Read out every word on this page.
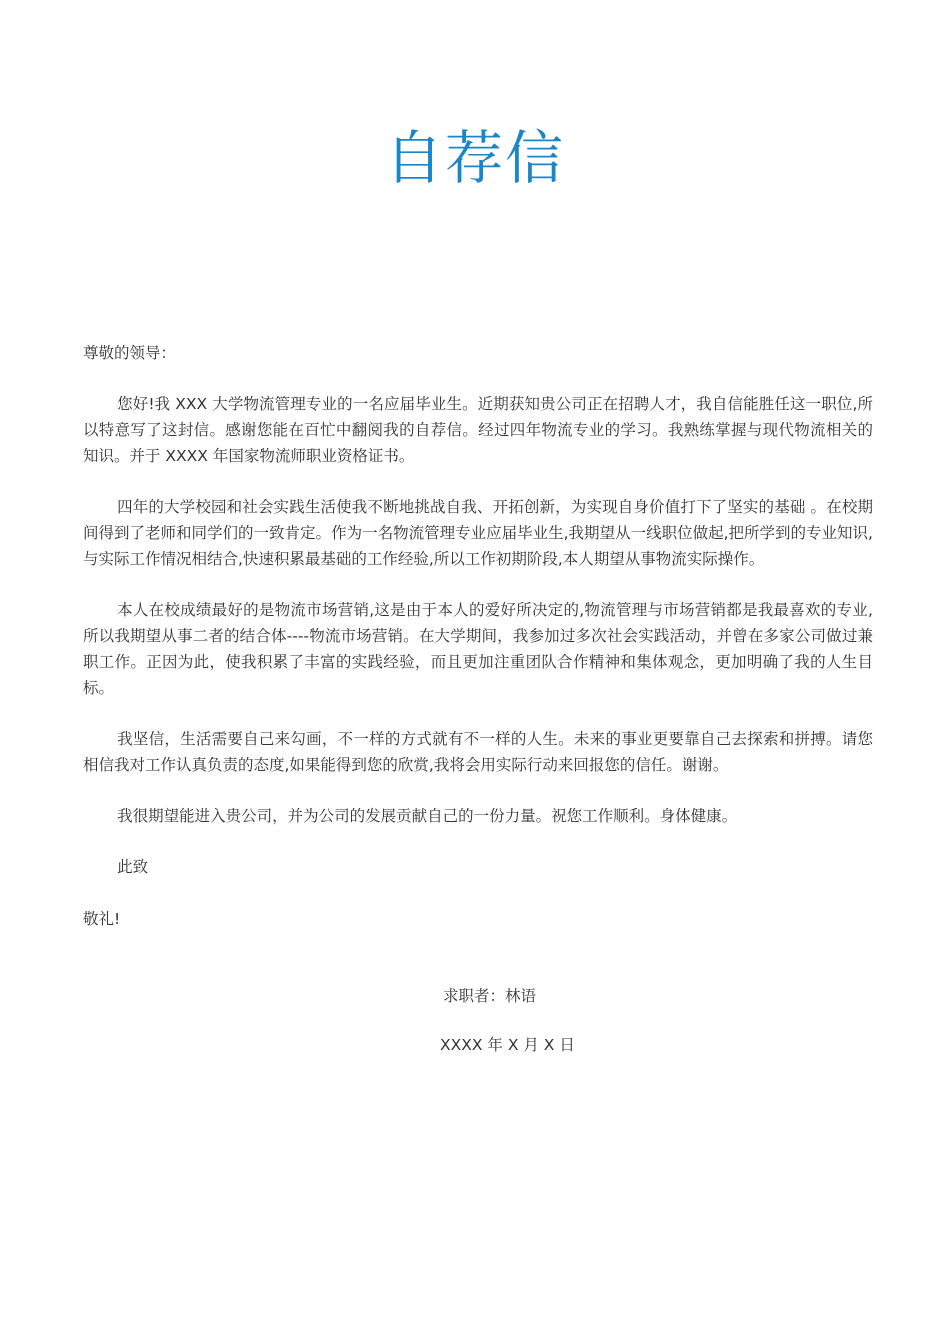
自荐信

尊敬的领导：

您好!我 XXX 大学物流管理专业的一名应届毕业生。近期获知贵公司正在招聘人才，我自信能胜任这一职位,所以特意写了这封信。感谢您能在百忙中翻阅我的自荐信。经过四年物流专业的学习。我熟练掌握与现代物流相关的知识。并于 XXXX 年国家物流师职业资格证书。

四年的大学校园和社会实践生活使我不断地挑战自我、开拓创新，为实现自身价值打下了坚实的基础 。在校期间得到了老师和同学们的一致肯定。作为一名物流管理专业应届毕业生,我期望从一线职位做起,把所学到的专业知识,与实际工作情况相结合,快速积累最基础的工作经验,所以工作初期阶段,本人期望从事物流实际操作。

本人在校成绩最好的是物流市场营销,这是由于本人的爱好所决定的,物流管理与市场营销都是我最喜欢的专业,所以我期望从事二者的结合体----物流市场营销。在大学期间，我参加过多次社会实践活动，并曾在多家公司做过兼职工作。正因为此，使我积累了丰富的实践经验，而且更加注重团队合作精神和集体观念，更加明确了我的人生目标。

我坚信，生活需要自己来勾画，不一样的方式就有不一样的人生。未来的事业更要靠自己去探索和拼搏。请您相信我对工作认真负责的态度,如果能得到您的欣赏,我将会用实际行动来回报您的信任。谢谢。

我很期望能进入贵公司，并为公司的发展贡献自己的一份力量。祝您工作顺利。身体健康。

此致

敬礼!

求职者：林语
XXXX 年 X 月 X 日
